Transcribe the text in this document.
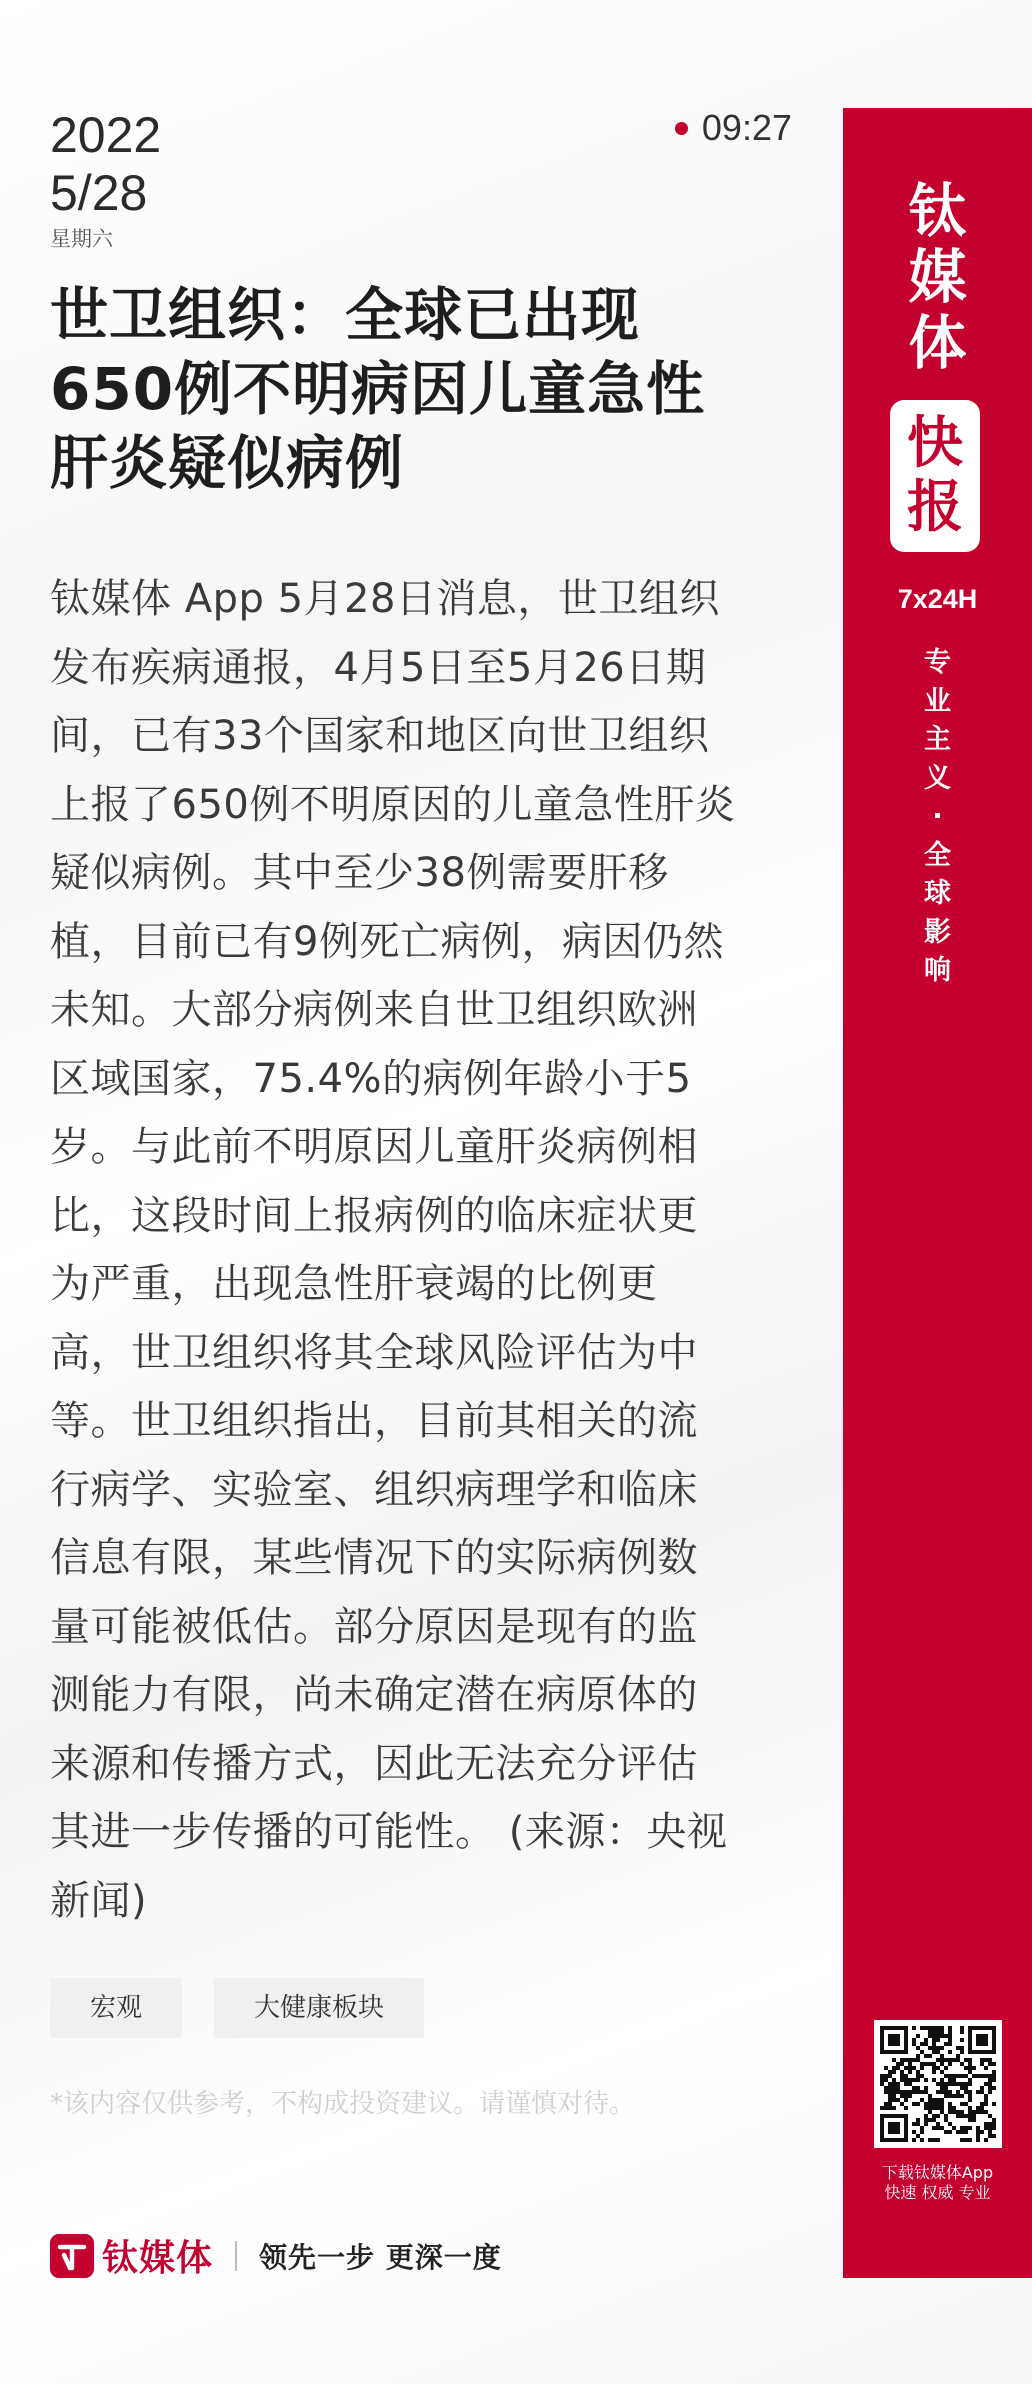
2022
5/28
星期六
09:27
世卫组织：全球已出现
650例不明病因儿童急性
肝炎疑似病例
钛媒体 App 5月28日消息，世卫组织
发布疾病通报，4月5日至5月26日期
间，已有33个国家和地区向世卫组织
上报了650例不明原因的儿童急性肝炎
疑似病例。其中至少38例需要肝移
植，目前已有9例死亡病例，病因仍然
未知。大部分病例来自世卫组织欧洲
区域国家，75.4%的病例年龄小于5
岁。与此前不明原因儿童肝炎病例相
比，这段时间上报病例的临床症状更
为严重，出现急性肝衰竭的比例更
高，世卫组织将其全球风险评估为中
等。世卫组织指出，目前其相关的流
行病学、实验室、组织病理学和临床
信息有限，某些情况下的实际病例数
量可能被低估。部分原因是现有的监
测能力有限，尚未确定潜在病原体的
来源和传播方式，因此无法充分评估
其进一步传播的可能性。 (来源：央视
新闻)
宏观	大健康板块
*该内容仅供参考，不构成投资建议。请谨慎对待。
钛媒体 领先一步 更深一度
钛
媒
体
快
报
7x24H
专
业
主
义
·
全
球
影
响
下载钛媒体App
快速 权威 专业
